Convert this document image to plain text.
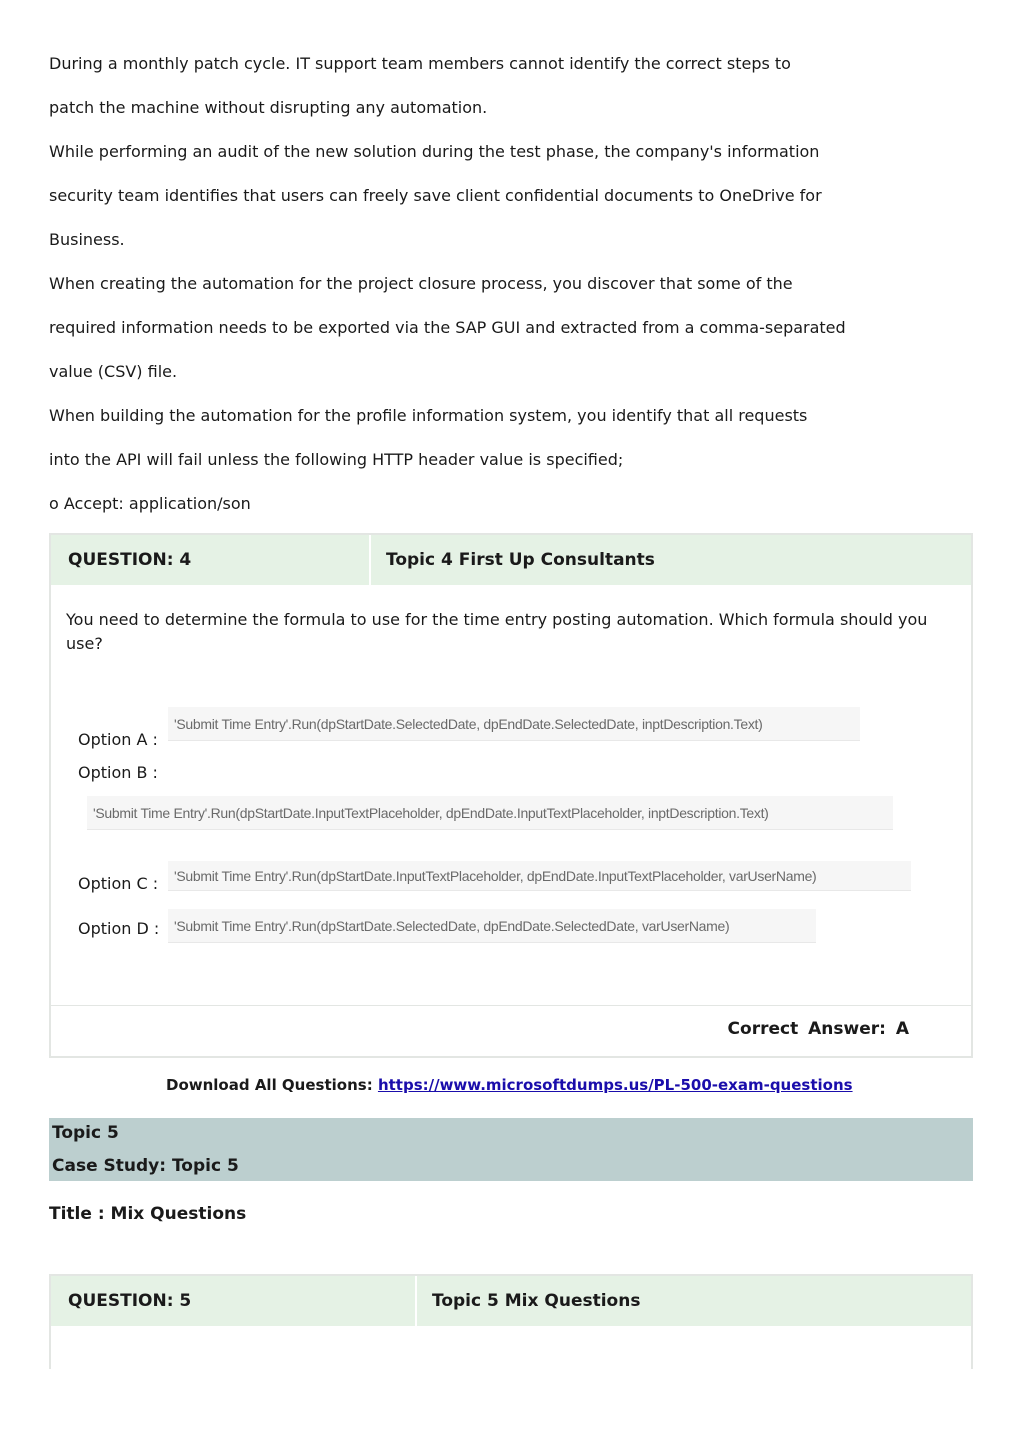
During a monthly patch cycle. IT support team members cannot identify the correct steps to

patch the machine without disrupting any automation.

While performing an audit of the new solution during the test phase, the company's information

security team identifies that users can freely save client confidential documents to OneDrive for

Business.

When creating the automation for the project closure process, you discover that some of the

required information needs to be exported via the SAP GUI and extracted from a comma-separated

value (CSV) file.

When building the automation for the profile information system, you identify that all requests

into the API will fail unless the following HTTP header value is specified;

o Accept: application/son

QUESTION: 4	Topic 4 First Up Consultants
You need to determine the formula to use for the time entry posting automation. Which formula should you use?
Option A :
'Submit Time Entry'.Run(dpStartDate.SelectedDate, dpEndDate.SelectedDate, inptDescription.Text)
Option B :
'Submit Time Entry'.Run(dpStartDate.InputTextPlaceholder, dpEndDate.InputTextPlaceholder, inptDescription.Text)
Option C :	'Submit Time Entry'.Run(dpStartDate.InputTextPlaceholder, dpEndDate.InputTextPlaceholder, varUserName)
Option D :	'Submit Time Entry'.Run(dpStartDate.SelectedDate, dpEndDate.SelectedDate, varUserName)
Correct Answer: A
Download All Questions: https://www.microsoftdumps.us/PL-500-exam-questions
Topic 5
Case Study: Topic 5
Title : Mix Questions
QUESTION: 5	Topic 5 Mix Questions
